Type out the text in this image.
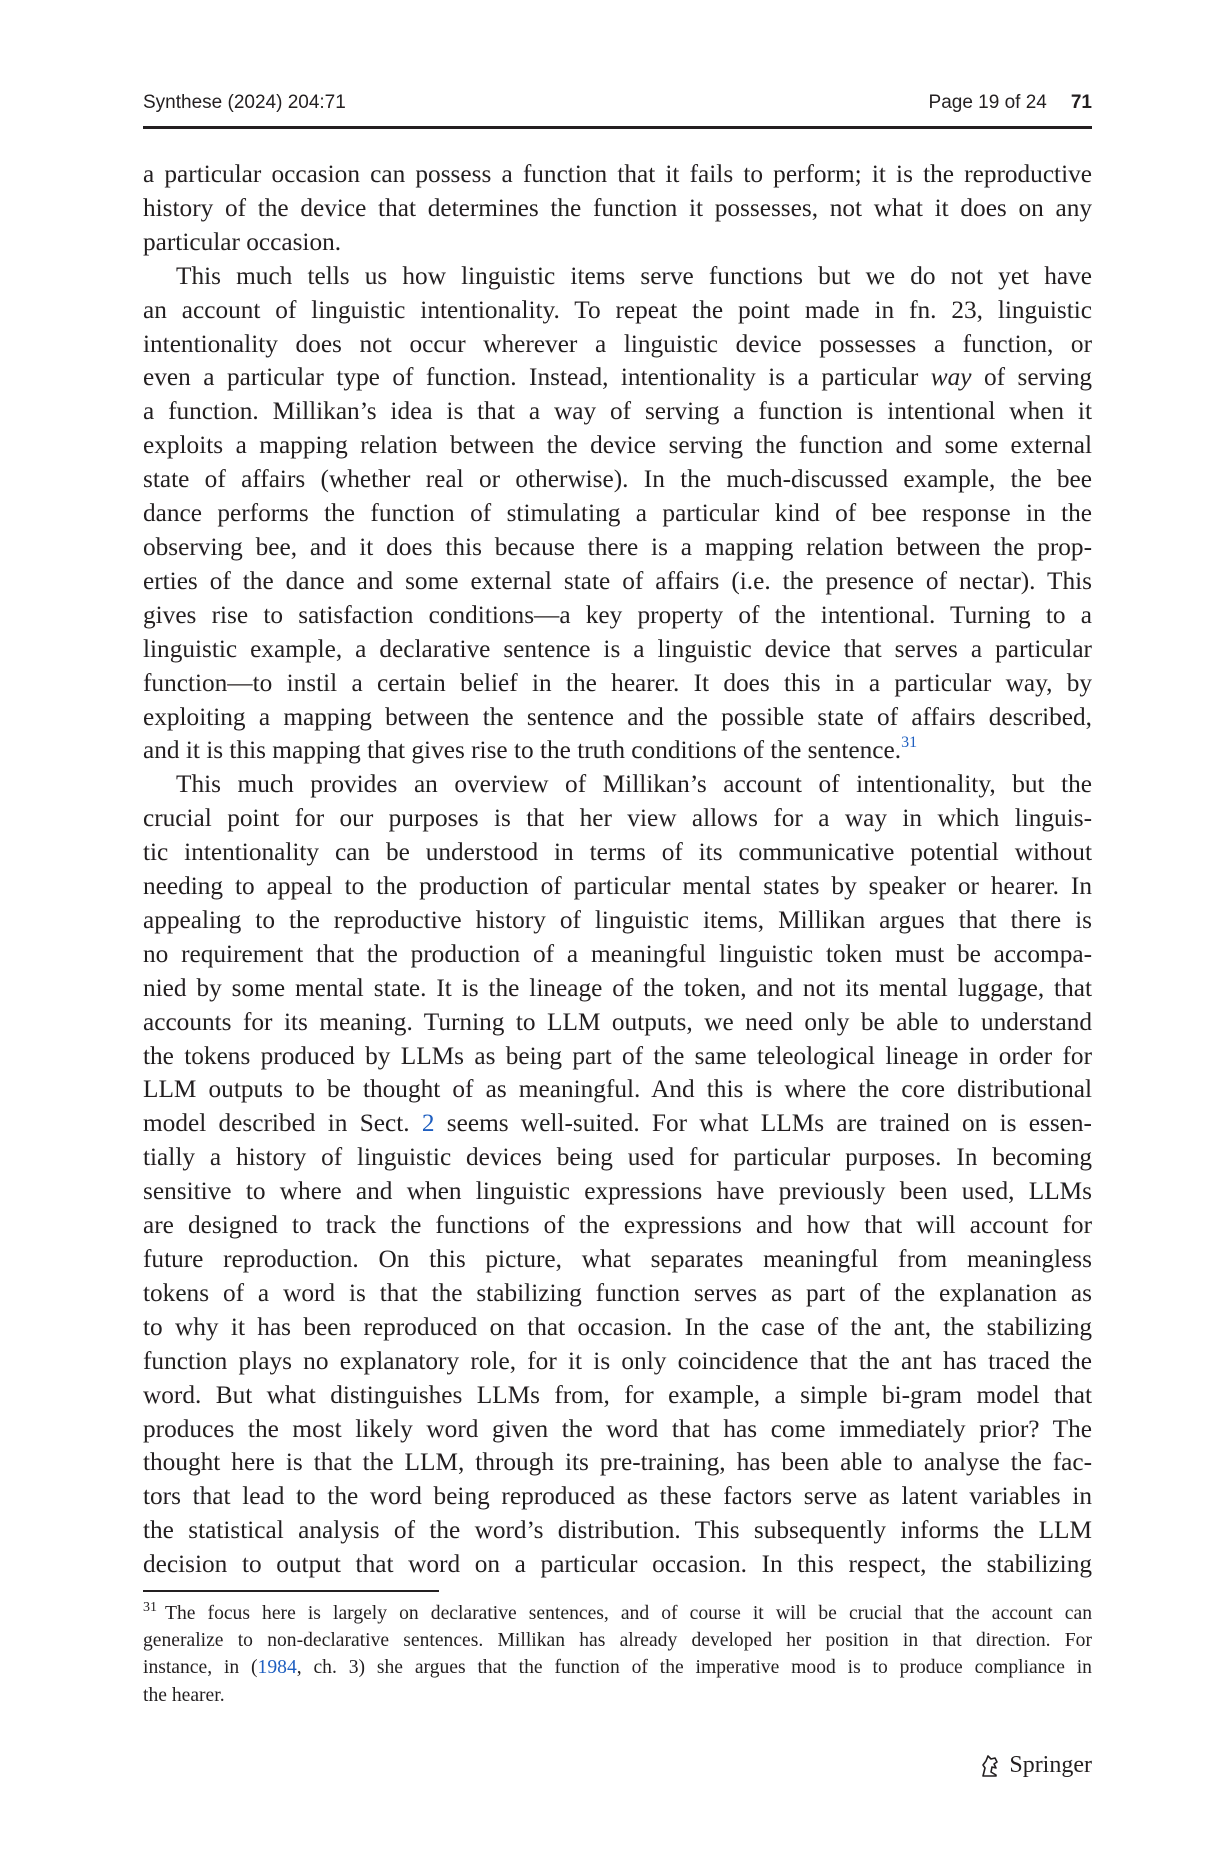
Synthese (2024) 204:71	Page 19 of 24 71

a particular occasion can possess a function that it fails to perform; it is the reproductive
history of the device that determines the function it possesses, not what it does on any
particular occasion.

This much tells us how linguistic items serve functions but we do not yet have
an account of linguistic intentionality. To repeat the point made in fn. 23, linguistic
intentionality does not occur wherever a linguistic device possesses a function, or
even a particular type of function. Instead, intentionality is a particular way of serving
a function. Millikan’s idea is that a way of serving a function is intentional when it
exploits a mapping relation between the device serving the function and some external
state of affairs (whether real or otherwise). In the much-discussed example, the bee
dance performs the function of stimulating a particular kind of bee response in the
observing bee, and it does this because there is a mapping relation between the prop-
erties of the dance and some external state of affairs (i.e. the presence of nectar). This
gives rise to satisfaction conditions—a key property of the intentional. Turning to a
linguistic example, a declarative sentence is a linguistic device that serves a particular
function—to instil a certain belief in the hearer. It does this in a particular way, by
exploiting a mapping between the sentence and the possible state of affairs described,
and it is this mapping that gives rise to the truth conditions of the sentence.$^{31}$

This much provides an overview of Millikan’s account of intentionality, but the
crucial point for our purposes is that her view allows for a way in which linguis-
tic intentionality can be understood in terms of its communicative potential without
needing to appeal to the production of particular mental states by speaker or hearer. In
appealing to the reproductive history of linguistic items, Millikan argues that there is
no requirement that the production of a meaningful linguistic token must be accompa-
nied by some mental state. It is the lineage of the token, and not its mental luggage, that
accounts for its meaning. Turning to LLM outputs, we need only be able to understand
the tokens produced by LLMs as being part of the same teleological lineage in order for
LLM outputs to be thought of as meaningful. And this is where the core distributional
model described in Sect. 2 seems well-suited. For what LLMs are trained on is essen-
tially a history of linguistic devices being used for particular purposes. In becoming
sensitive to where and when linguistic expressions have previously been used, LLMs
are designed to track the functions of the expressions and how that will account for
future reproduction. On this picture, what separates meaningful from meaningless
tokens of a word is that the stabilizing function serves as part of the explanation as
to why it has been reproduced on that occasion. In the case of the ant, the stabilizing
function plays no explanatory role, for it is only coincidence that the ant has traced the
word. But what distinguishes LLMs from, for example, a simple bi-gram model that
produces the most likely word given the word that has come immediately prior? The
thought here is that the LLM, through its pre-training, has been able to analyse the fac-
tors that lead to the word being reproduced as these factors serve as latent variables in
the statistical analysis of the word’s distribution. This subsequently informs the LLM
decision to output that word on a particular occasion. In this respect, the stabilizing

$^{31}$ The focus here is largely on declarative sentences, and of course it will be crucial that the account can
generalize to non-declarative sentences. Millikan has already developed her position in that direction. For
instance, in (1984, ch. 3) she argues that the function of the imperative mood is to produce compliance in
the hearer.
Springer
